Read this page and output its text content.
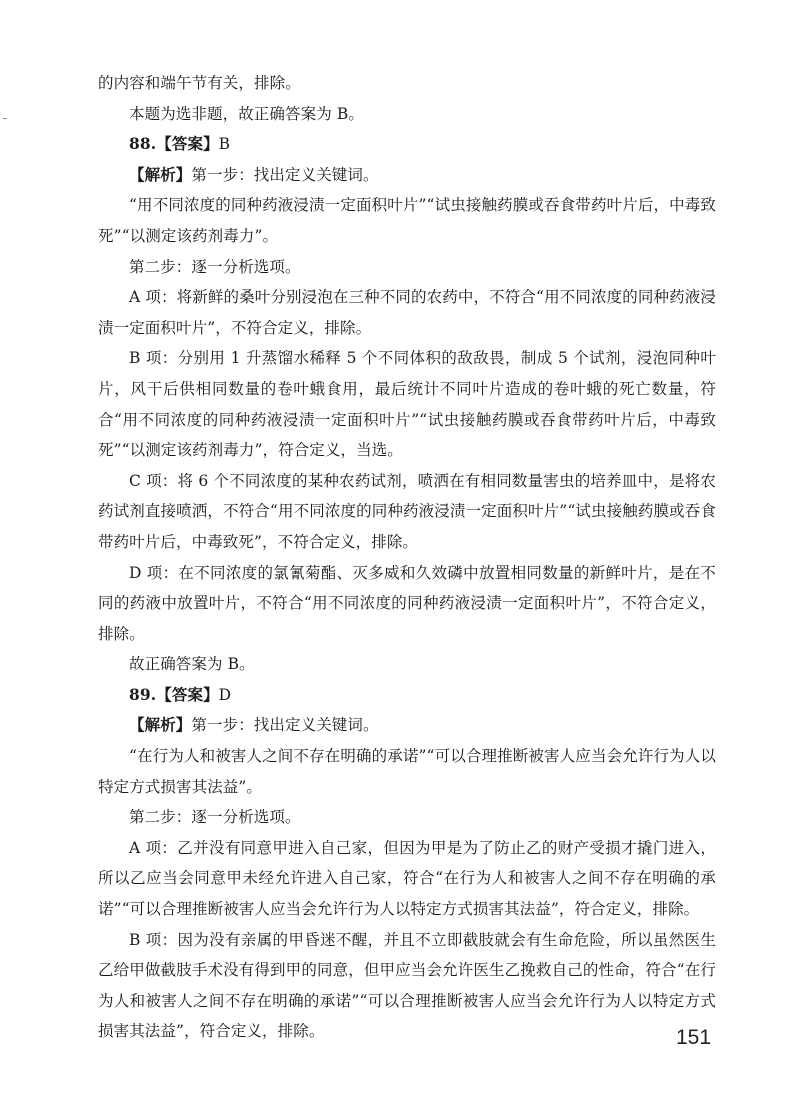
的内容和端午节有关，排除。

本题为选非题，故正确答案为 B。

88.【答案】B

【解析】第一步：找出定义关键词。

“用不同浓度的同种药液浸渍一定面积叶片”“试虫接触药膜或吞食带药叶片后，中毒致死”“以测定该药剂毒力”。

第二步：逐一分析选项。

A 项：将新鲜的桑叶分别浸泡在三种不同的农药中，不符合“用不同浓度的同种药液浸渍一定面积叶片”，不符合定义，排除。

B 项：分别用 1 升蒸馏水稀释 5 个不同体积的敌敌畏，制成 5 个试剂，浸泡同种叶片，风干后供相同数量的卷叶蛾食用，最后统计不同叶片造成的卷叶蛾的死亡数量，符合“用不同浓度的同种药液浸渍一定面积叶片”“试虫接触药膜或吞食带药叶片后，中毒致死”“以测定该药剂毒力”，符合定义，当选。

C 项：将 6 个不同浓度的某种农药试剂，喷洒在有相同数量害虫的培养皿中，是将农药试剂直接喷洒，不符合“用不同浓度的同种药液浸渍一定面积叶片”“试虫接触药膜或吞食带药叶片后，中毒致死”，不符合定义，排除。

D 项：在不同浓度的氯氰菊酯、灭多威和久效磷中放置相同数量的新鲜叶片，是在不同的药液中放置叶片，不符合“用不同浓度的同种药液浸渍一定面积叶片”，不符合定义，排除。

故正确答案为 B。

89.【答案】D

【解析】第一步：找出定义关键词。

“在行为人和被害人之间不存在明确的承诺”“可以合理推断被害人应当会允许行为人以特定方式损害其法益”。

第二步：逐一分析选项。

A 项：乙并没有同意甲进入自己家，但因为甲是为了防止乙的财产受损才撬门进入，所以乙应当会同意甲未经允许进入自己家，符合“在行为人和被害人之间不存在明确的承诺”“可以合理推断被害人应当会允许行为人以特定方式损害其法益”，符合定义，排除。

B 项：因为没有亲属的甲昏迷不醒，并且不立即截肢就会有生命危险，所以虽然医生乙给甲做截肢手术没有得到甲的同意，但甲应当会允许医生乙挽救自己的性命，符合“在行为人和被害人之间不存在明确的承诺”“可以合理推断被害人应当会允许行为人以特定方式损害其法益”，符合定义，排除。	151
